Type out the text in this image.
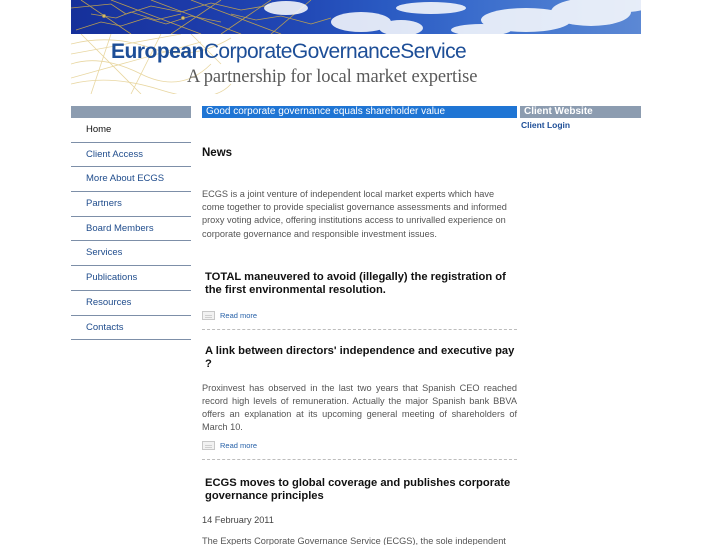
EuropeanCorporateGovernanceService
A partnership for local market expertise
Home
Client Access
More About ECGS
Partners
Board Members
Services
Publications
Resources
Contacts
Good corporate governance equals shareholder value
News

ECGS is a joint venture of independent local market experts which have come together to provide specialist governance assessments and informed proxy voting advice, offering institutions access to unrivalled experience on corporate governance and responsible investment issues.

TOTAL maneuvered to avoid (illegally) the registration of the first environmental resolution.
Read more
A link between directors' independence and executive pay ?

Proxinvest has observed in the last two years that Spanish CEO reached record high levels of remuneration. Actually the major Spanish bank BBVA offers an explanation at its upcoming general meeting of shareholders of March 10.

Read more
ECGS moves to global coverage and publishes corporate governance principles
14 February 2011

The Experts Corporate Governance Service (ECGS), the sole independent

Client Website
Client Login
